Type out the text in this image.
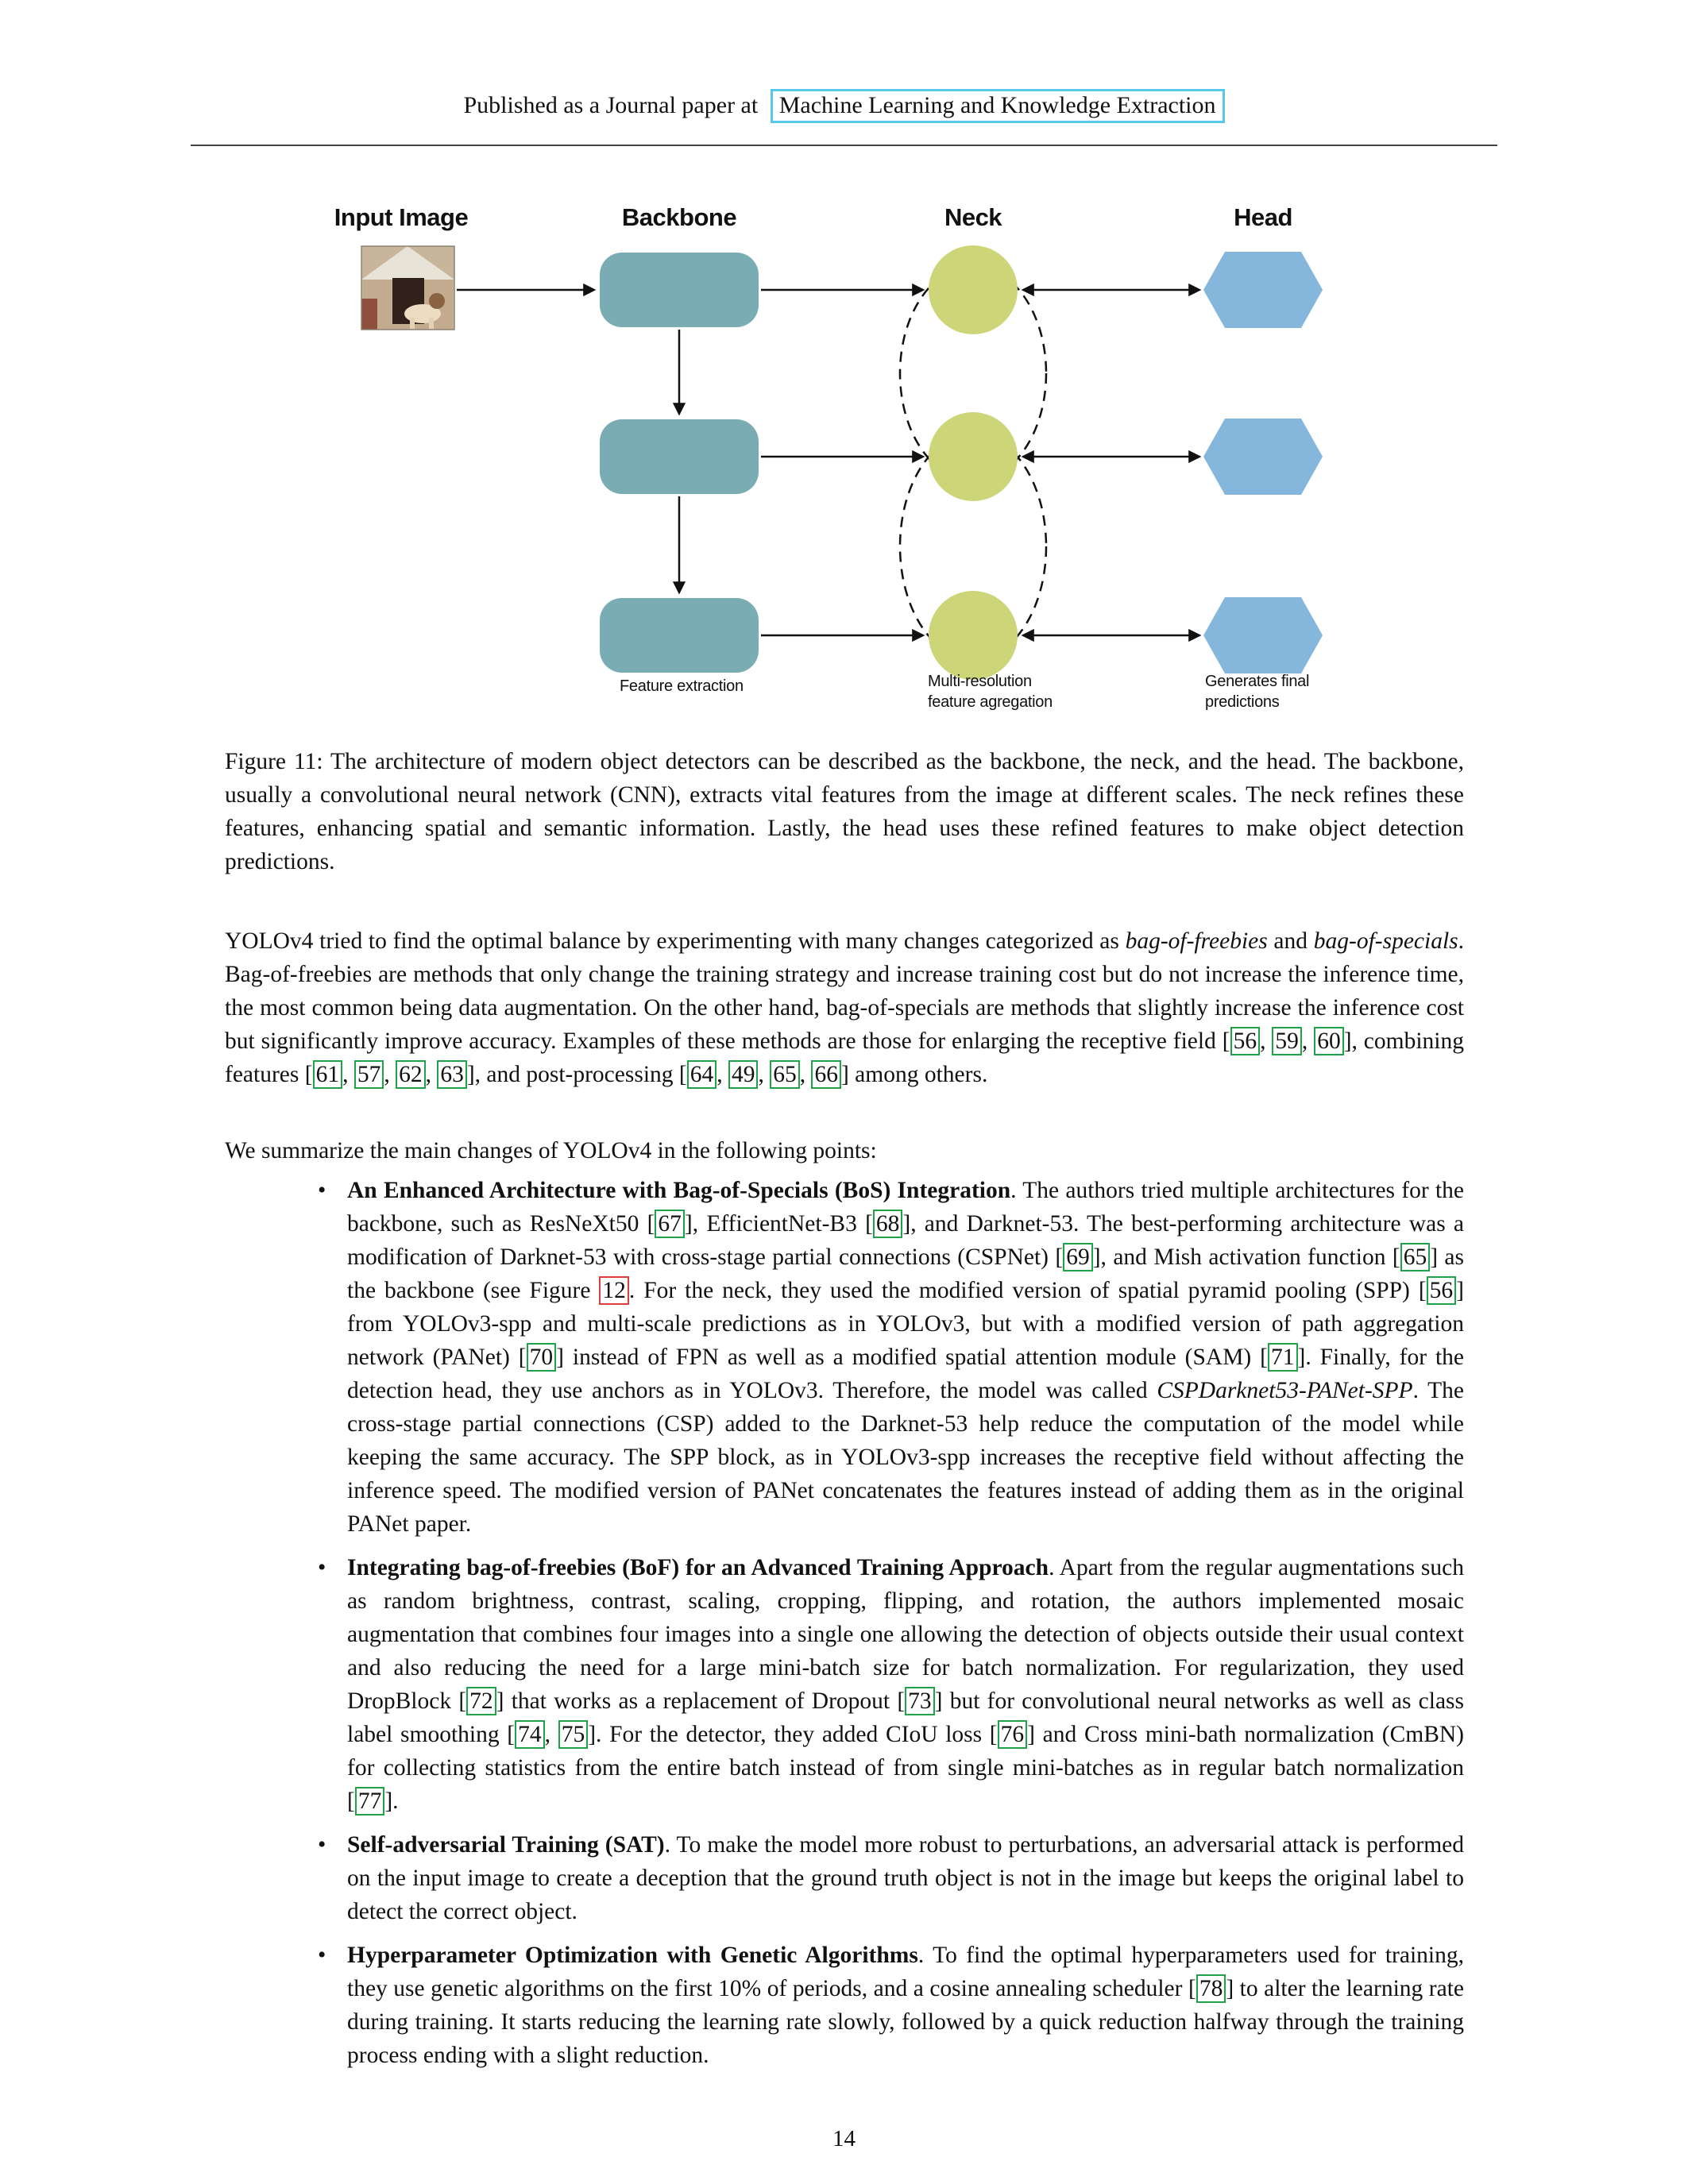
Published as a Journal paper at Machine Learning and Knowledge Extraction
Input Image	Backbone	Neck	Head
Feature extraction	Multi-resolution
feature agregation
Generates final
predictions
Figure 11: The architecture of modern object detectors can be described as the backbone, the neck, and the head. The backbone, usually a convolutional neural network (CNN), extracts vital features from the image at different scales. The neck refines these features, enhancing spatial and semantic information. Lastly, the head uses these refined features to make object detection predictions.
YOLOv4 tried to find the optimal balance by experimenting with many changes categorized as bag-of-freebies and bag-of-specials. Bag-of-freebies are methods that only change the training strategy and increase training cost but do not increase the inference time, the most common being data augmentation. On the other hand, bag-of-specials are methods that slightly increase the inference cost but significantly improve accuracy. Examples of these methods are those for enlarging the receptive field [ 56 , 59 , 60 ], combining features [ 61 , 57 , 62 , 63 ], and post-processing [ 64 , 49 , 65 , 66 ] among others.
We summarize the main changes of YOLOv4 in the following points:
• An Enhanced Architecture with Bag-of-Specials (BoS) Integration. The authors tried multiple architectures for the backbone, such as ResNeXt50 [ 67 ], EfficientNet-B3 [ 68 ], and Darknet-53. The best-performing architecture was a modification of Darknet-53 with cross-stage partial connections (CSPNet) [ 69 ], and Mish activation function [ 65 ] as the backbone (see Figure 12 . For the neck, they used the modified version of spatial pyramid pooling (SPP) [ 56 ] from YOLOv3-spp and multi-scale predictions as in YOLOv3, but with a modified version of path aggregation network (PANet) [ 70 ] instead of FPN as well as a modified spatial attention module (SAM) [ 71 ]. Finally, for the detection head, they use anchors as in YOLOv3. Therefore, the model was called CSPDarknet53-PANet-SPP. The cross-stage partial connections (CSP) added to the Darknet-53 help reduce the computation of the model while keeping the same accuracy. The SPP block, as in YOLOv3-spp increases the receptive field without affecting the inference speed. The modified version of PANet concatenates the features instead of adding them as in the original PANet paper.
• Integrating bag-of-freebies (BoF) for an Advanced Training Approach. Apart from the regular augmentations such as random brightness, contrast, scaling, cropping, flipping, and rotation, the authors implemented mosaic augmentation that combines four images into a single one allowing the detection of objects outside their usual context and also reducing the need for a large mini-batch size for batch normalization. For regularization, they used DropBlock [ 72 ] that works as a replacement of Dropout [ 73 ] but for convolutional neural networks as well as class label smoothing [ 74 , 75 ]. For the detector, they added CIoU loss [ 76 ] and Cross mini-bath normalization (CmBN) for collecting statistics from the entire batch instead of from single mini-batches as in regular batch normalization [ 77 ].
• Self-adversarial Training (SAT). To make the model more robust to perturbations, an adversarial attack is performed on the input image to create a deception that the ground truth object is not in the image but keeps the original label to detect the correct object.
• Hyperparameter Optimization with Genetic Algorithms. To find the optimal hyperparameters used for training, they use genetic algorithms on the first 10% of periods, and a cosine annealing scheduler [ 78 ] to alter the learning rate during training. It starts reducing the learning rate slowly, followed by a quick reduction halfway through the training process ending with a slight reduction.
14
